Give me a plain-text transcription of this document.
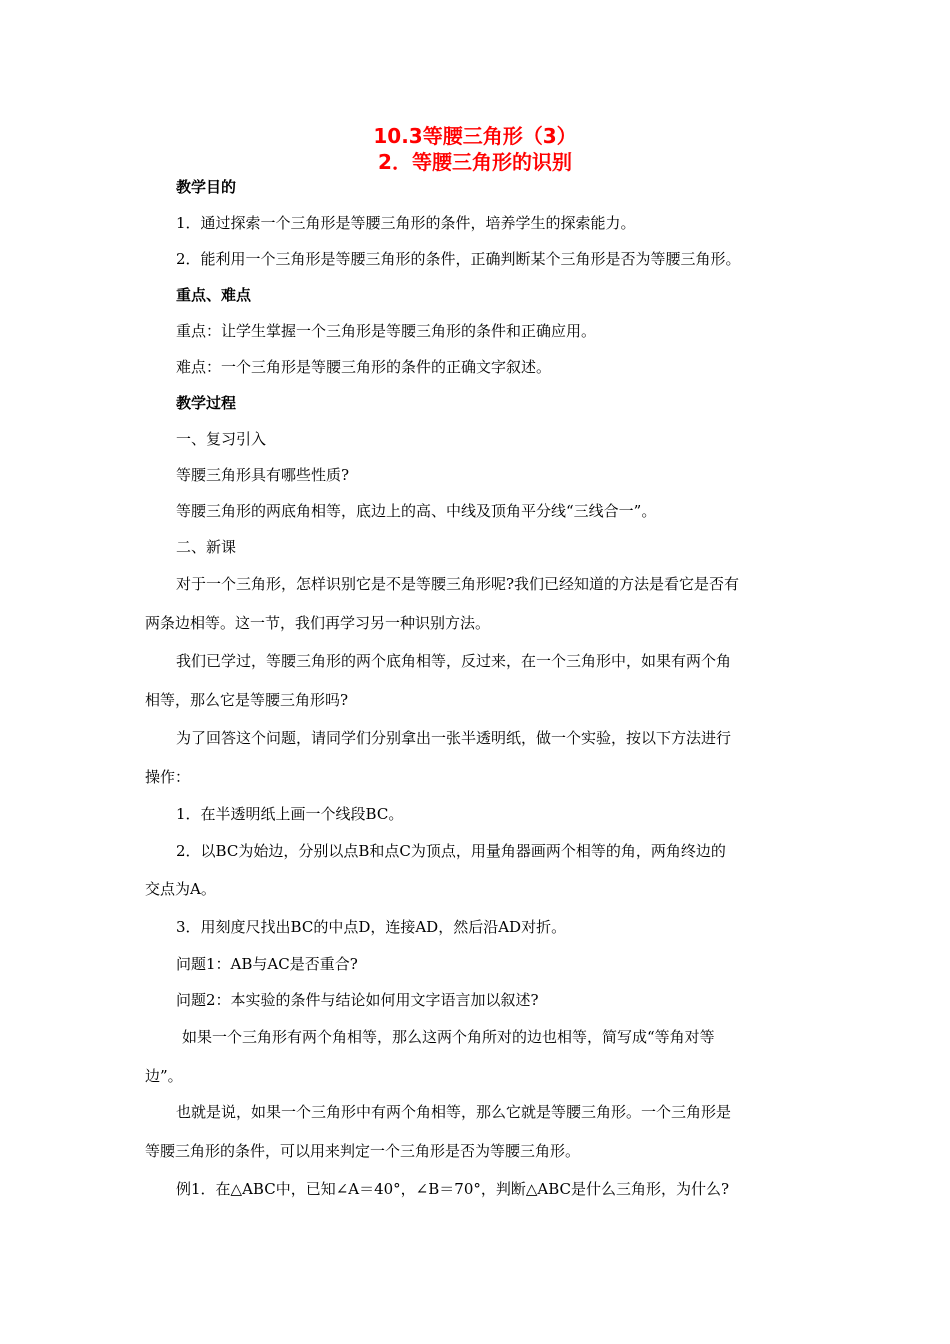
10.3等腰三角形（3）
2．等腰三角形的识别
教学目的
1．通过探索一个三角形是等腰三角形的条件，培养学生的探索能力。
2．能利用一个三角形是等腰三角形的条件，正确判断某个三角形是否为等腰三角形。
重点、难点
重点：让学生掌握一个三角形是等腰三角形的条件和正确应用。
难点：一个三角形是等腰三角形的条件的正确文字叙述。
教学过程
一、复习引入
等腰三角形具有哪些性质?
等腰三角形的两底角相等，底边上的高、中线及顶角平分线“三线合一”。
二、新课
对于一个三角形，怎样识别它是不是等腰三角形呢?我们已经知道的方法是看它是否有
两条边相等。这一节，我们再学习另一种识别方法。
我们已学过，等腰三角形的两个底角相等，反过来，在一个三角形中，如果有两个角
相等，那么它是等腰三角形吗?
为了回答这个问题，请同学们分别拿出一张半透明纸，做一个实验，按以下方法进行
操作：
1．在半透明纸上画一个线段BC。
2．以BC为始边，分别以点B和点C为顶点，用量角器画两个相等的角，两角终边的
交点为A。
3．用刻度尺找出BC的中点D，连接AD，然后沿AD对折。
问题1：AB与AC是否重合?
问题2：本实验的条件与结论如何用文字语言加以叙述?
如果一个三角形有两个角相等，那么这两个角所对的边也相等，简写成“等角对等
边”。
也就是说，如果一个三角形中有两个角相等，那么它就是等腰三角形。一个三角形是
等腰三角形的条件，可以用来判定一个三角形是否为等腰三角形。
例1．在△ABC中，已知∠A＝40°，∠B＝70°，判断△ABC是什么三角形，为什么?
